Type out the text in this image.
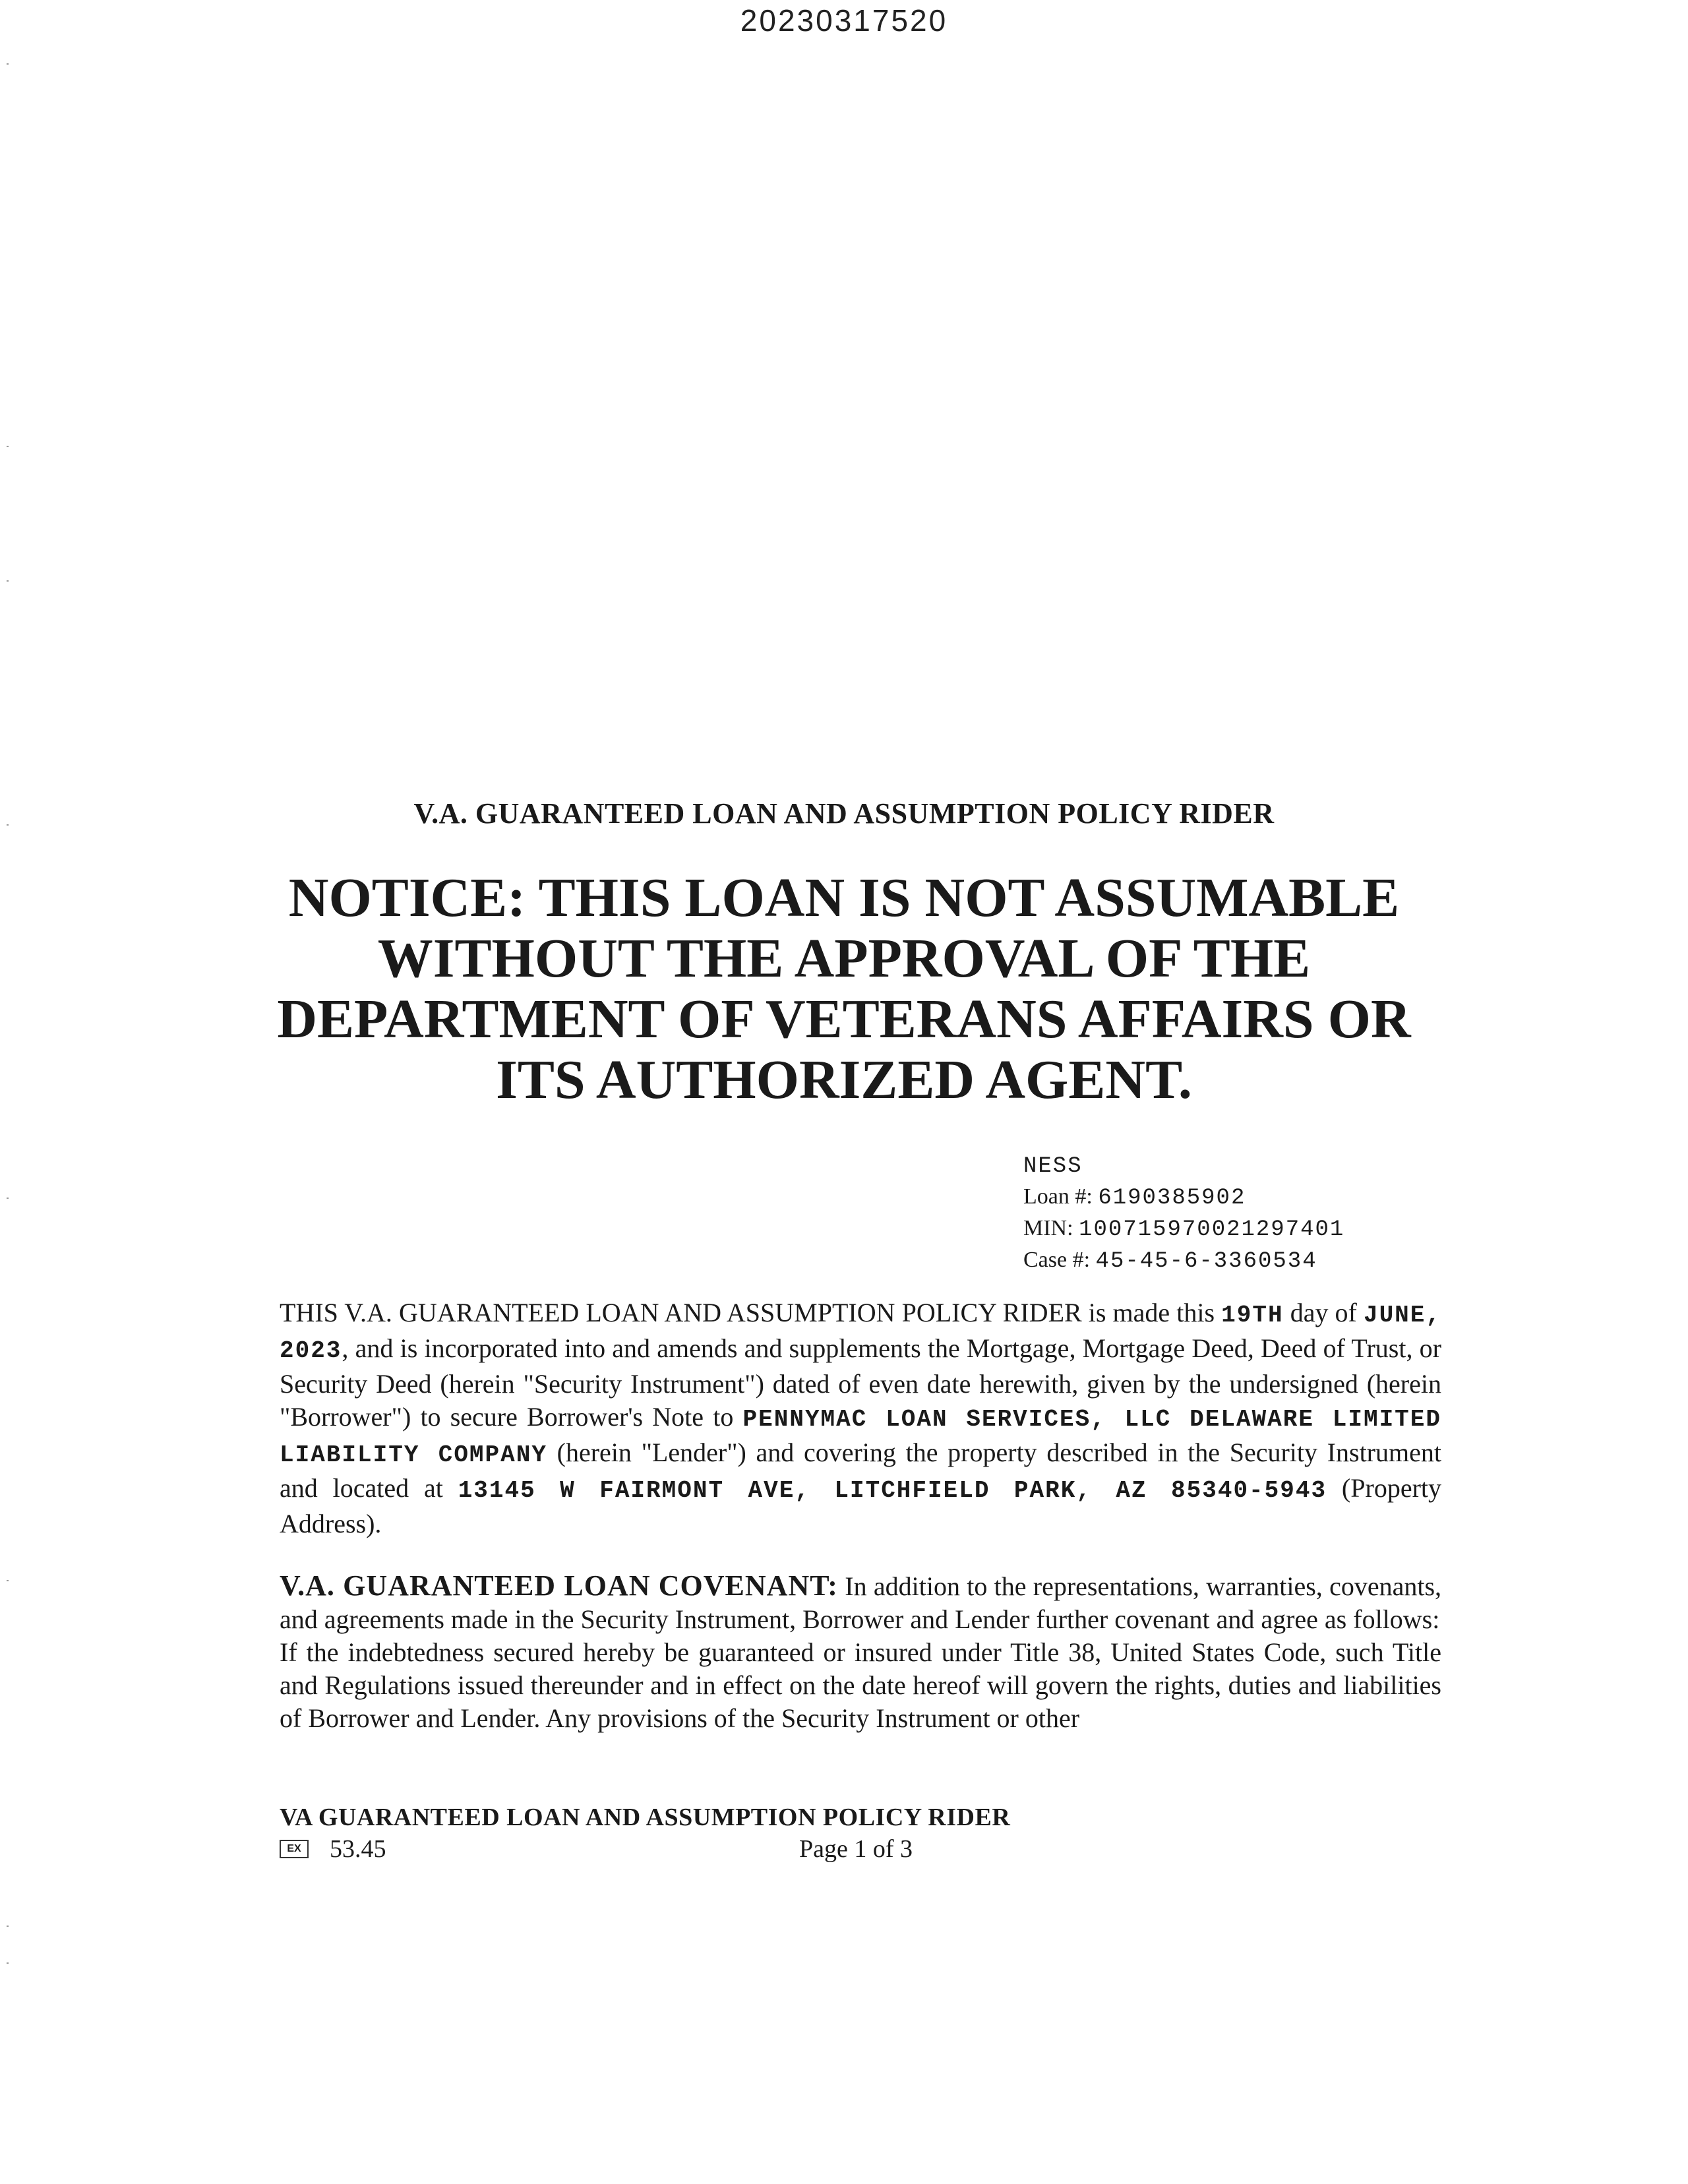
20230317520
V.A. GUARANTEED LOAN AND ASSUMPTION POLICY RIDER
NOTICE: THIS LOAN IS NOT ASSUMABLE
WITHOUT THE APPROVAL OF THE
DEPARTMENT OF VETERANS AFFAIRS OR
ITS AUTHORIZED AGENT.
NESS
Loan #: 6190385902
MIN: 100715970021297401
Case #: 45-45-6-3360534

THIS V.A. GUARANTEED LOAN AND ASSUMPTION POLICY RIDER is made this 19TH day of JUNE, 2023, and is incorporated into and amends and supplements the Mortgage, Mortgage Deed, Deed of Trust, or Security Deed (herein "Security Instrument") dated of even date herewith, given by the undersigned (herein "Borrower") to secure Borrower's Note to PENNYMAC LOAN SERVICES, LLC DELAWARE LIMITED LIABILITY COMPANY (herein "Lender") and covering the property described in the Security Instrument and located at 13145 W FAIRMONT AVE, LITCHFIELD PARK, AZ 85340-5943 (Property Address).

V.A. GUARANTEED LOAN COVENANT: In addition to the representations, warranties, covenants, and agreements made in the Security Instrument, Borrower and Lender further covenant and agree as follows:

If the indebtedness secured hereby be guaranteed or insured under Title 38, United States Code, such Title and Regulations issued thereunder and in effect on the date hereof will govern the rights, duties and liabilities of Borrower and Lender. Any provisions of the Security Instrument or other

VA GUARANTEED LOAN AND ASSUMPTION POLICY RIDER
EX 53.45	Page 1 of 3
